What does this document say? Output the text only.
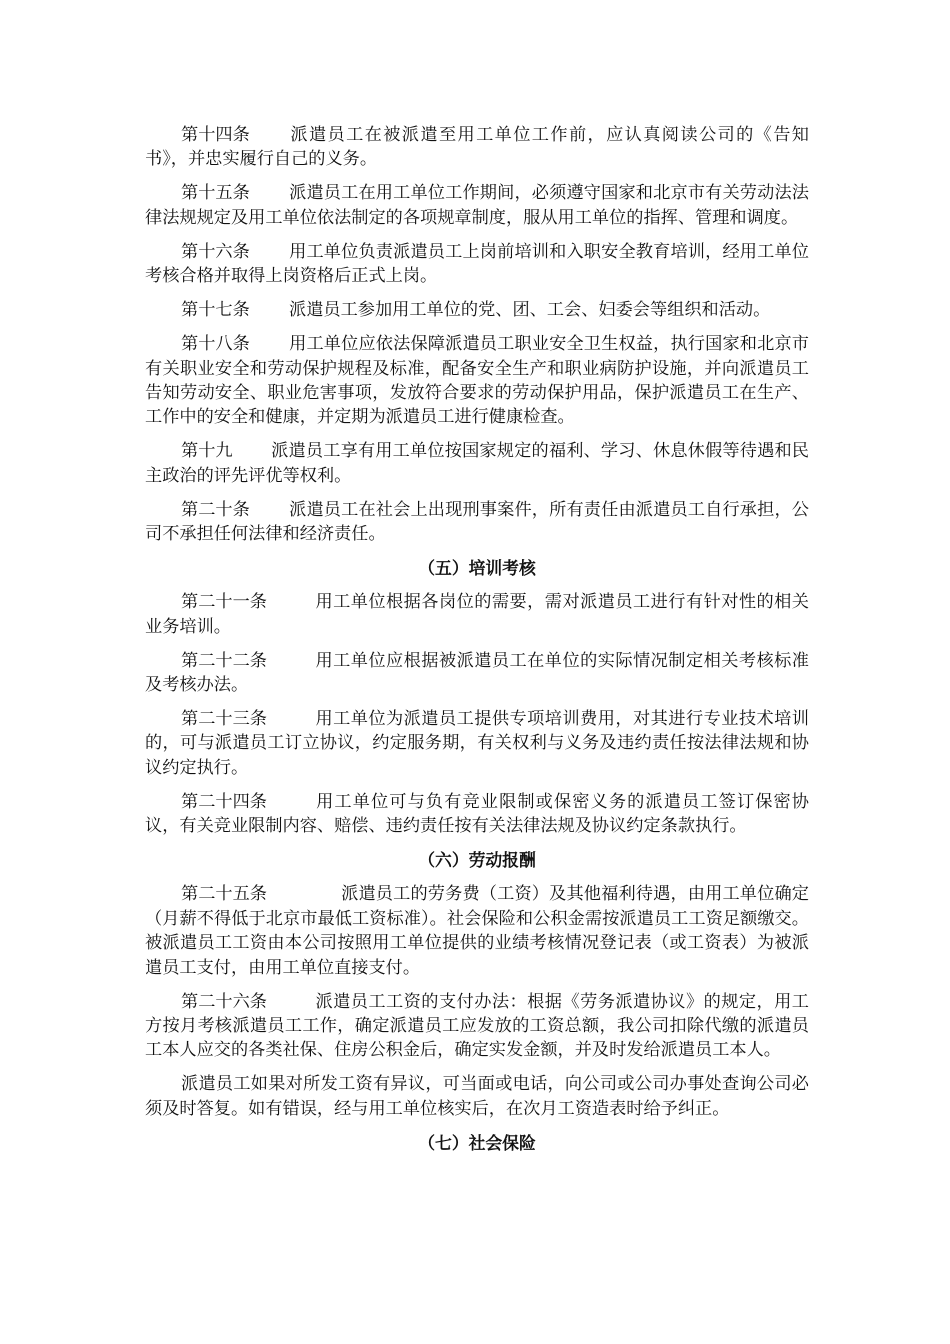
第十四条 派遣员工在被派遣至用工单位工作前，应认真阅读公司的《告知书》，并忠实履行自己的义务。

第十五条 派遣员工在用工单位工作期间，必须遵守国家和北京市有关劳动法法律法规规定及用工单位依法制定的各项规章制度，服从用工单位的指挥、管理和调度。

第十六条 用工单位负责派遣员工上岗前培训和入职安全教育培训，经用工单位考核合格并取得上岗资格后正式上岗。

第十七条 派遣员工参加用工单位的党、团、工会、妇委会等组织和活动。

第十八条 用工单位应依法保障派遣员工职业安全卫生权益，执行国家和北京市有关职业安全和劳动保护规程及标准，配备安全生产和职业病防护设施，并向派遣员工告知劳动安全、职业危害事项，发放符合要求的劳动保护用品，保护派遣员工在生产、工作中的安全和健康，并定期为派遣员工进行健康检查。

第十九 派遣员工享有用工单位按国家规定的福利、学习、休息休假等待遇和民主政治的评先评优等权利。

第二十条 派遣员工在社会上出现刑事案件，所有责任由派遣员工自行承担，公司不承担任何法律和经济责任。

（五）培训考核

第二十一条	用工单位根据各岗位的需要，需对派遣员工进行有针对性的相关业务培训。

第二十二条	用工单位应根据被派遣员工在单位的实际情况制定相关考核标准及考核办法。

第二十三条	用工单位为派遣员工提供专项培训费用，对其进行专业技术培训的，可与派遣员工订立协议，约定服务期，有关权利与义务及违约责任按法律法规和协议约定执行。

第二十四条	用工单位可与负有竞业限制或保密义务的派遣员工签订保密协议，有关竞业限制内容、赔偿、违约责任按有关法律法规及协议约定条款执行。

（六）劳动报酬

第二十五条	派遣员工的劳务费（工资）及其他福利待遇，由用工单位确定（月薪不得低于北京市最低工资标准）。社会保险和公积金需按派遣员工工资足额缴交。被派遣员工工资由本公司按照用工单位提供的业绩考核情况登记表（或工资表）为被派遣员工支付，由用工单位直接支付。

第二十六条	派遣员工工资的支付办法：根据《劳务派遣协议》的规定，用工方按月考核派遣员工工作，确定派遣员工应发放的工资总额，我公司扣除代缴的派遣员工本人应交的各类社保、住房公积金后，确定实发金额，并及时发给派遣员工本人。

派遣员工如果对所发工资有异议，可当面或电话，向公司或公司办事处查询公司必须及时答复。如有错误，经与用工单位核实后，在次月工资造表时给予纠正。

（七）社会保险
